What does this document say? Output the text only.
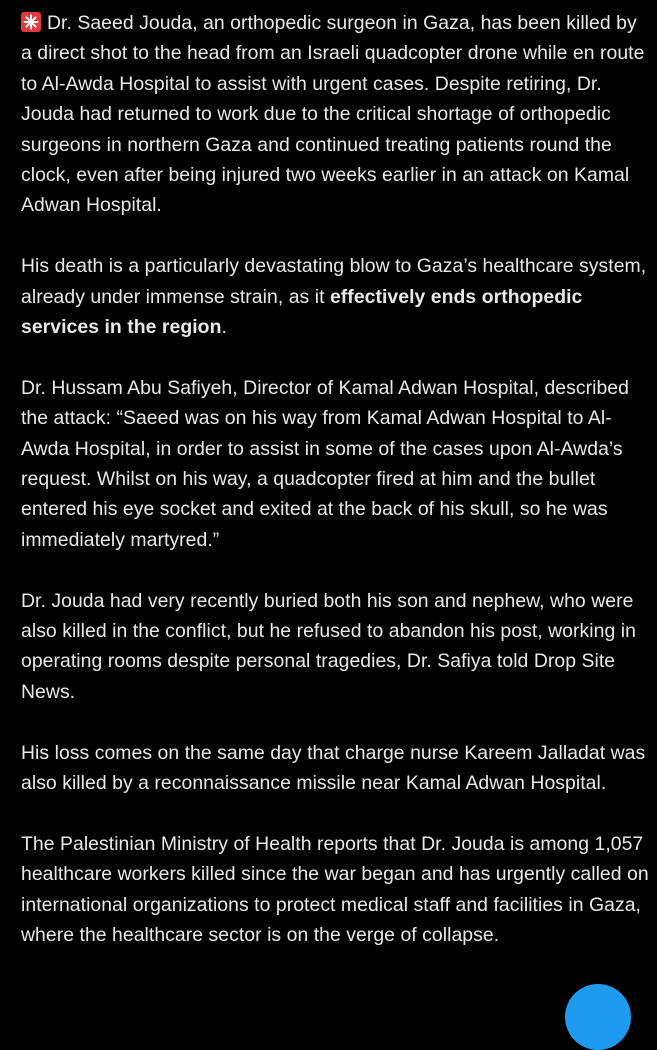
Dr. Saeed Jouda, an orthopedic surgeon in Gaza, has been killed by a direct shot to the head from an Israeli quadcopter drone while en route to Al-Awda Hospital to assist with urgent cases. Despite retiring, Dr. Jouda had returned to work due to the critical shortage of orthopedic surgeons in northern Gaza and continued treating patients round the clock, even after being injured two weeks earlier in an attack on Kamal Adwan Hospital.

His death is a particularly devastating blow to Gaza’s healthcare system, already under immense strain, as it effectively ends orthopedic services in the region.

Dr. Hussam Abu Safiyeh, Director of Kamal Adwan Hospital, described the attack: “Saeed was on his way from Kamal Adwan Hospital to Al-Awda Hospital, in order to assist in some of the cases upon Al-Awda’s request. Whilst on his way, a quadcopter fired at him and the bullet entered his eye socket and exited at the back of his skull, so he was immediately martyred.”

Dr. Jouda had very recently buried both his son and nephew, who were also killed in the conflict, but he refused to abandon his post, working in operating rooms despite personal tragedies, Dr. Safiya told Drop Site News.

His loss comes on the same day that charge nurse Kareem Jalladat was also killed by a reconnaissance missile near Kamal Adwan Hospital.

The Palestinian Ministry of Health reports that Dr. Jouda is among 1,057 healthcare workers killed since the war began and has urgently called on international organizations to protect medical staff and facilities in Gaza, where the healthcare sector is on the verge of collapse.
